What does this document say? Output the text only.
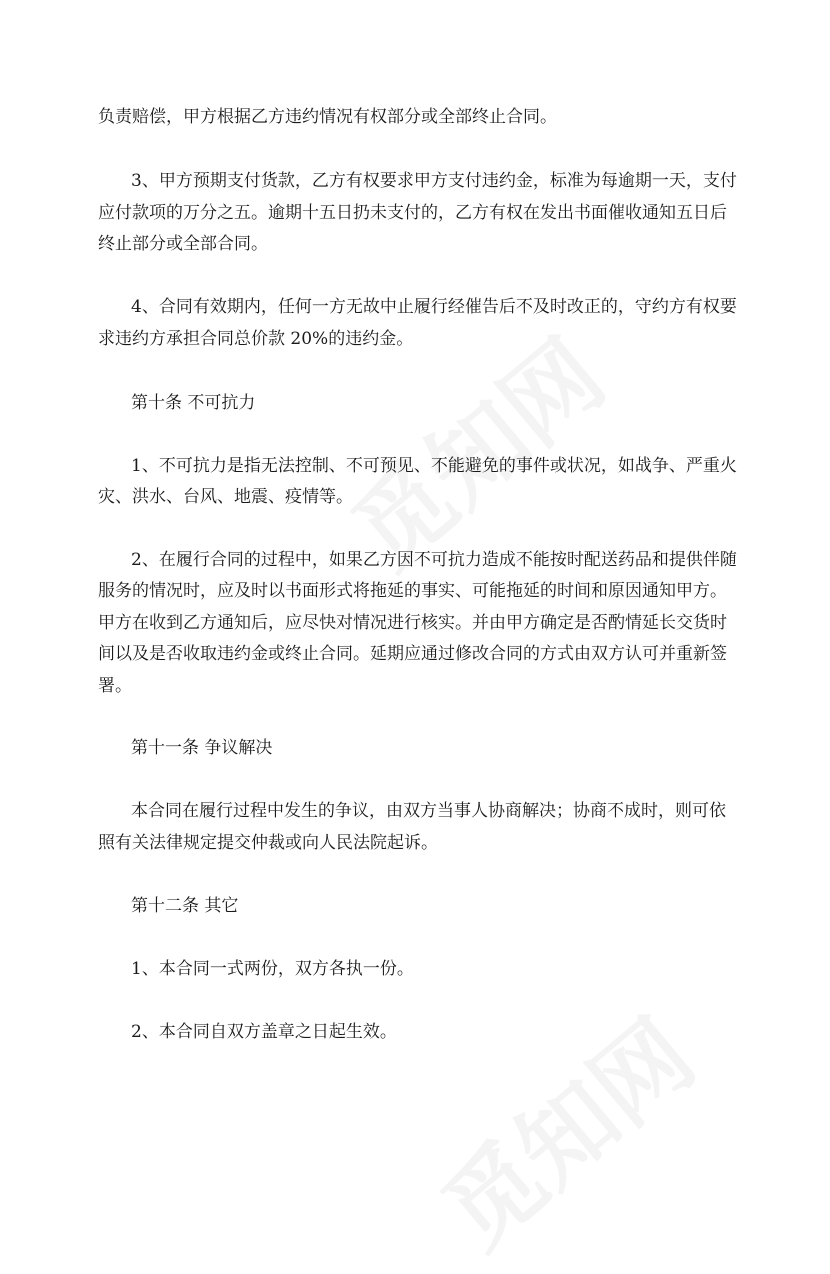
负责赔偿，甲方根据乙方违约情况有权部分或全部终止合同。

3、甲方预期支付货款，乙方有权要求甲方支付违约金，标准为每逾期一天，支付

应付款项的万分之五。逾期十五日扔未支付的，乙方有权在发出书面催收通知五日后

终止部分或全部合同。

4、合同有效期内，任何一方无故中止履行经催告后不及时改正的，守约方有权要

求违约方承担合同总价款 20%的违约金。

第十条 不可抗力

1、不可抗力是指无法控制、不可预见、不能避免的事件或状况，如战争、严重火

灾、洪水、台风、地震、疫情等。

2、在履行合同的过程中，如果乙方因不可抗力造成不能按时配送药品和提供伴随

服务的情况时，应及时以书面形式将拖延的事实、可能拖延的时间和原因通知甲方。

甲方在收到乙方通知后，应尽快对情况进行核实。并由甲方确定是否酌情延长交货时

间以及是否收取违约金或终止合同。延期应通过修改合同的方式由双方认可并重新签

署。

第十一条 争议解决

本合同在履行过程中发生的争议，由双方当事人协商解决；协商不成时，则可依

照有关法律规定提交仲裁或向人民法院起诉。

第十二条 其它

1、本合同一式两份，双方各执一份。

2、本合同自双方盖章之日起生效。
